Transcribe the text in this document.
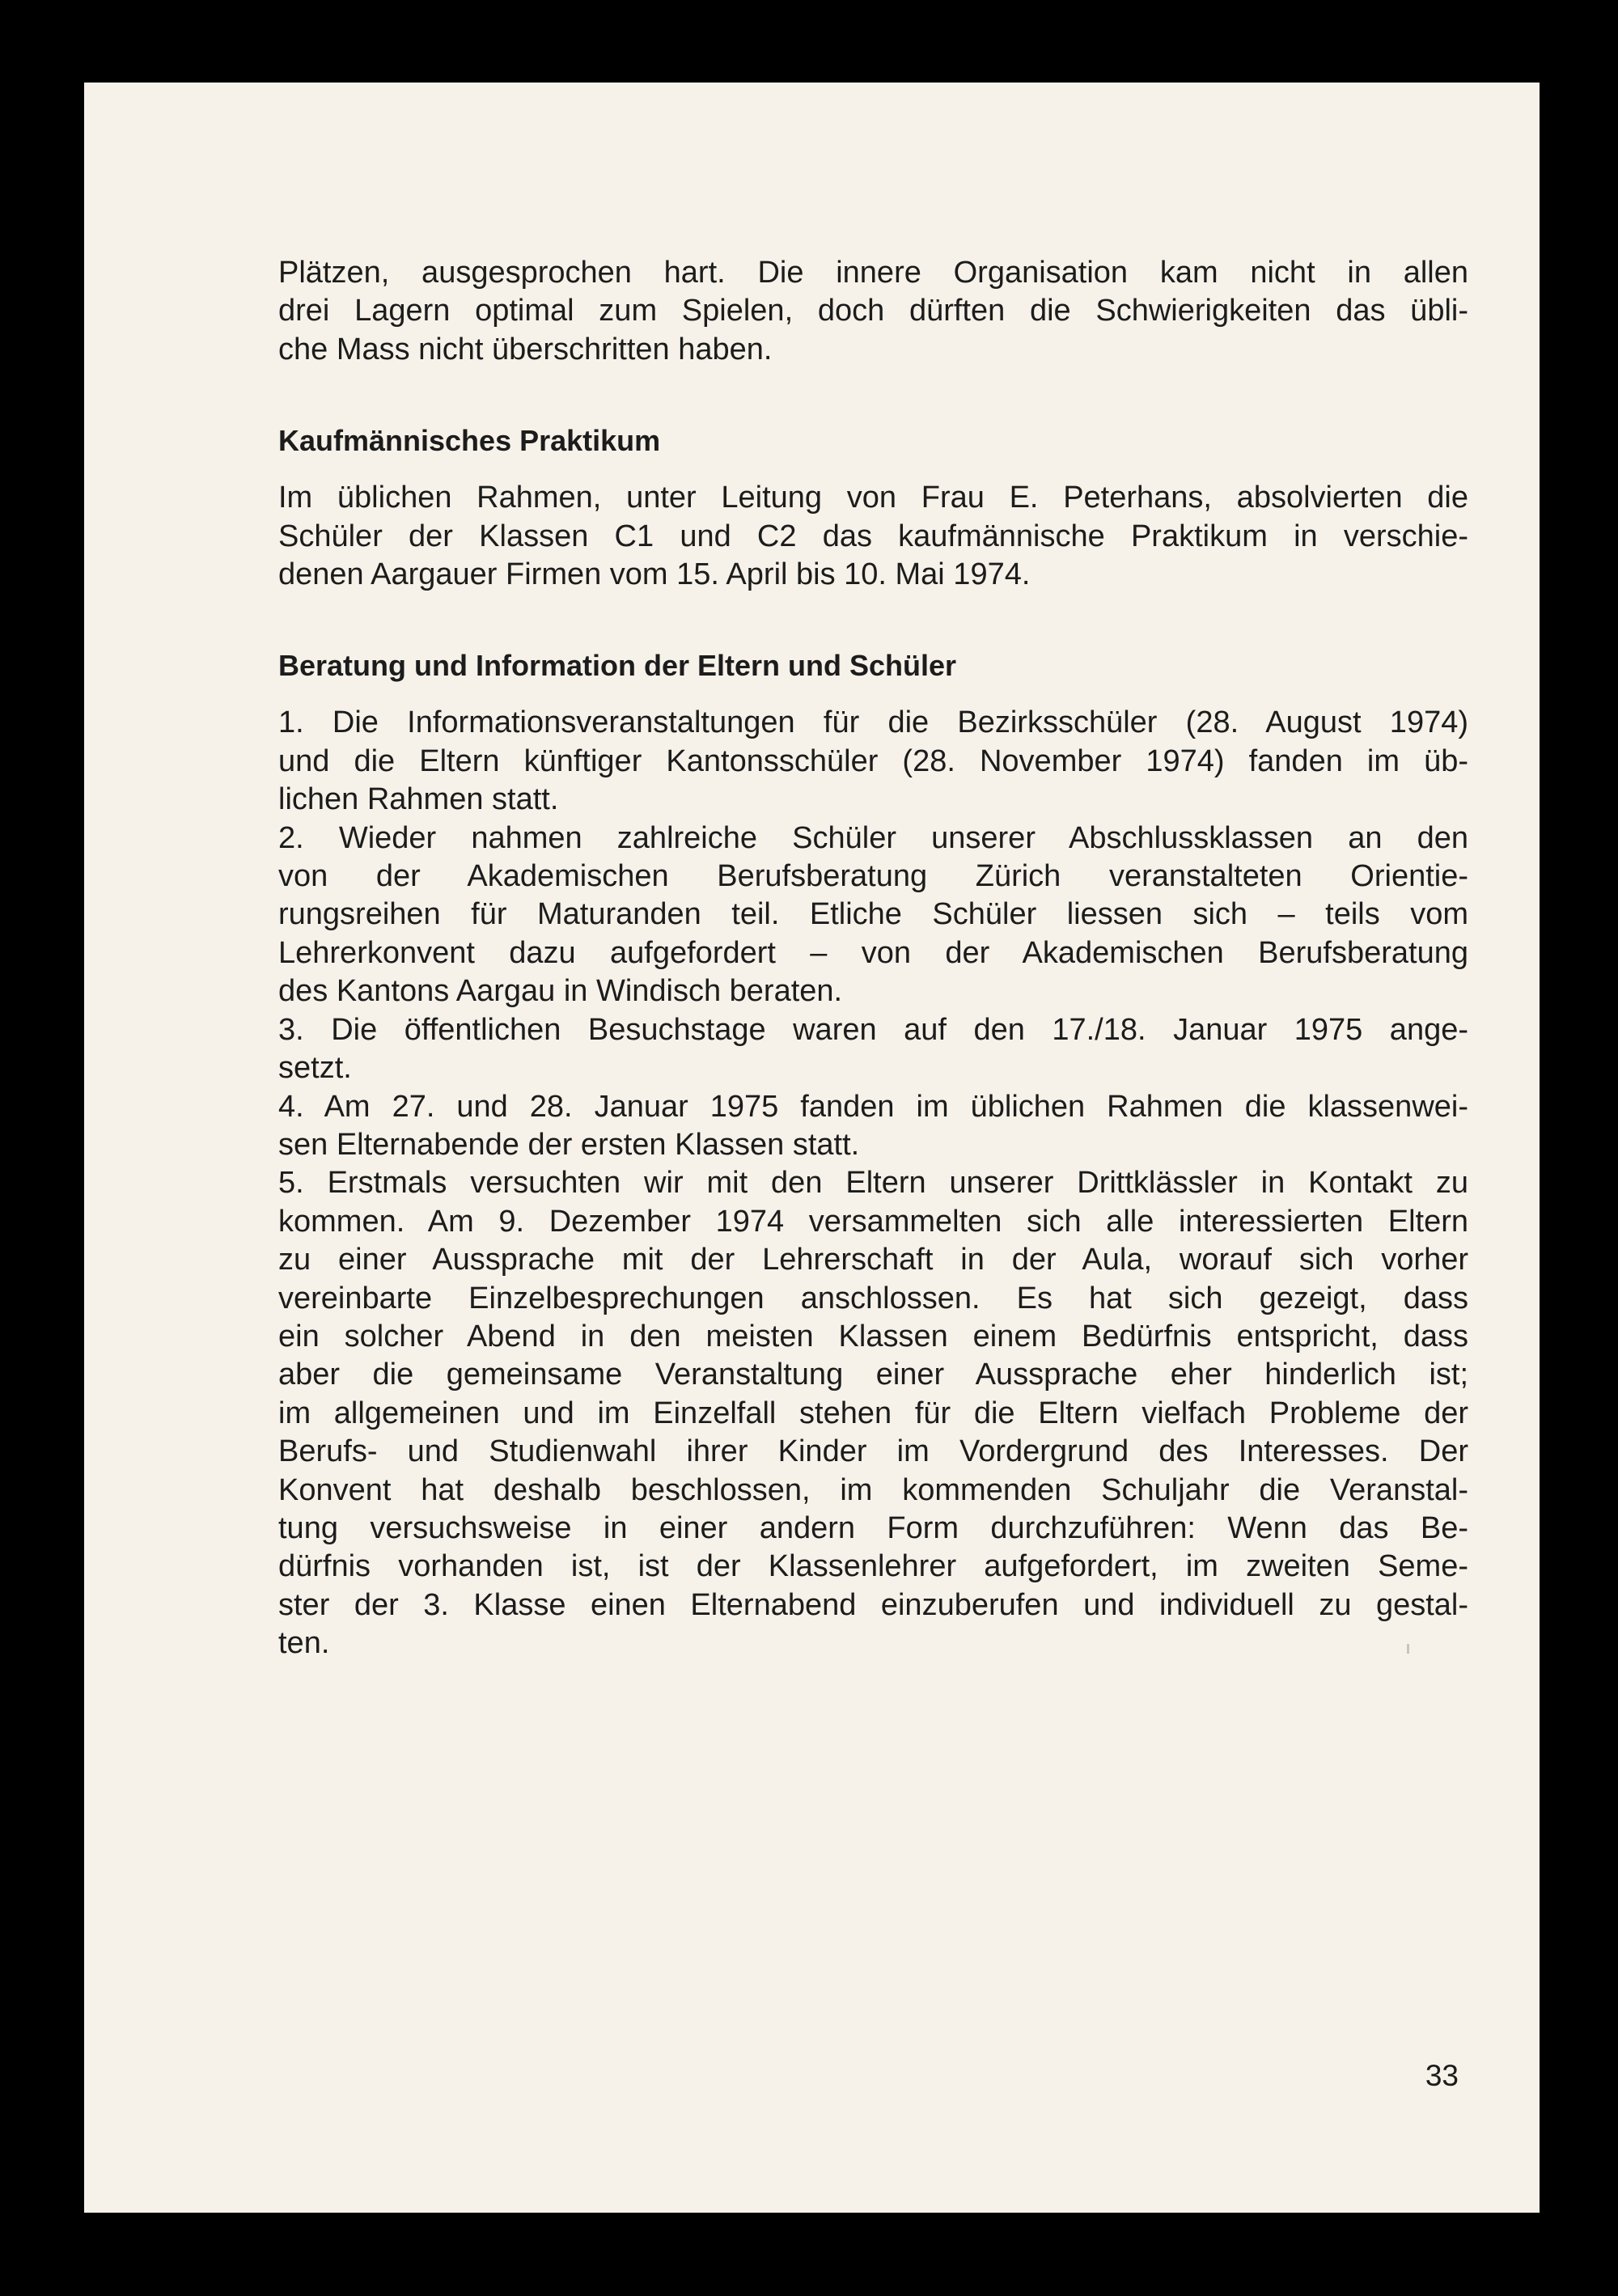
Plätzen, ausgesprochen hart. Die innere Organisation kam nicht in allen
drei Lagern optimal zum Spielen, doch dürften die Schwierigkeiten das übli-
che Mass nicht überschritten haben.
Kaufmännisches Praktikum
Im üblichen Rahmen, unter Leitung von Frau E. Peterhans, absolvierten die
Schüler der Klassen C1 und C2 das kaufmännische Praktikum in verschie-
denen Aargauer Firmen vom 15. April bis 10. Mai 1974.
Beratung und Information der Eltern und Schüler
1. Die Informationsveranstaltungen für die Bezirksschüler (28. August 1974)
und die Eltern künftiger Kantonsschüler (28. November 1974) fanden im üb-
lichen Rahmen statt.
2. Wieder nahmen zahlreiche Schüler unserer Abschlussklassen an den
von der Akademischen Berufsberatung Zürich veranstalteten Orientie-
rungsreihen für Maturanden teil. Etliche Schüler liessen sich – teils vom
Lehrerkonvent dazu aufgefordert – von der Akademischen Berufsberatung
des Kantons Aargau in Windisch beraten.
3. Die öffentlichen Besuchstage waren auf den 17./18. Januar 1975 ange-
setzt.
4. Am 27. und 28. Januar 1975 fanden im üblichen Rahmen die klassenwei-
sen Elternabende der ersten Klassen statt.
5. Erstmals versuchten wir mit den Eltern unserer Drittklässler in Kontakt zu
kommen. Am 9. Dezember 1974 versammelten sich alle interessierten Eltern
zu einer Aussprache mit der Lehrerschaft in der Aula, worauf sich vorher
vereinbarte Einzelbesprechungen anschlossen. Es hat sich gezeigt, dass
ein solcher Abend in den meisten Klassen einem Bedürfnis entspricht, dass
aber die gemeinsame Veranstaltung einer Aussprache eher hinderlich ist;
im allgemeinen und im Einzelfall stehen für die Eltern vielfach Probleme der
Berufs- und Studienwahl ihrer Kinder im Vordergrund des Interesses. Der
Konvent hat deshalb beschlossen, im kommenden Schuljahr die Veranstal-
tung versuchsweise in einer andern Form durchzuführen: Wenn das Be-
dürfnis vorhanden ist, ist der Klassenlehrer aufgefordert, im zweiten Seme-
ster der 3. Klasse einen Elternabend einzuberufen und individuell zu gestal-
ten.
33
